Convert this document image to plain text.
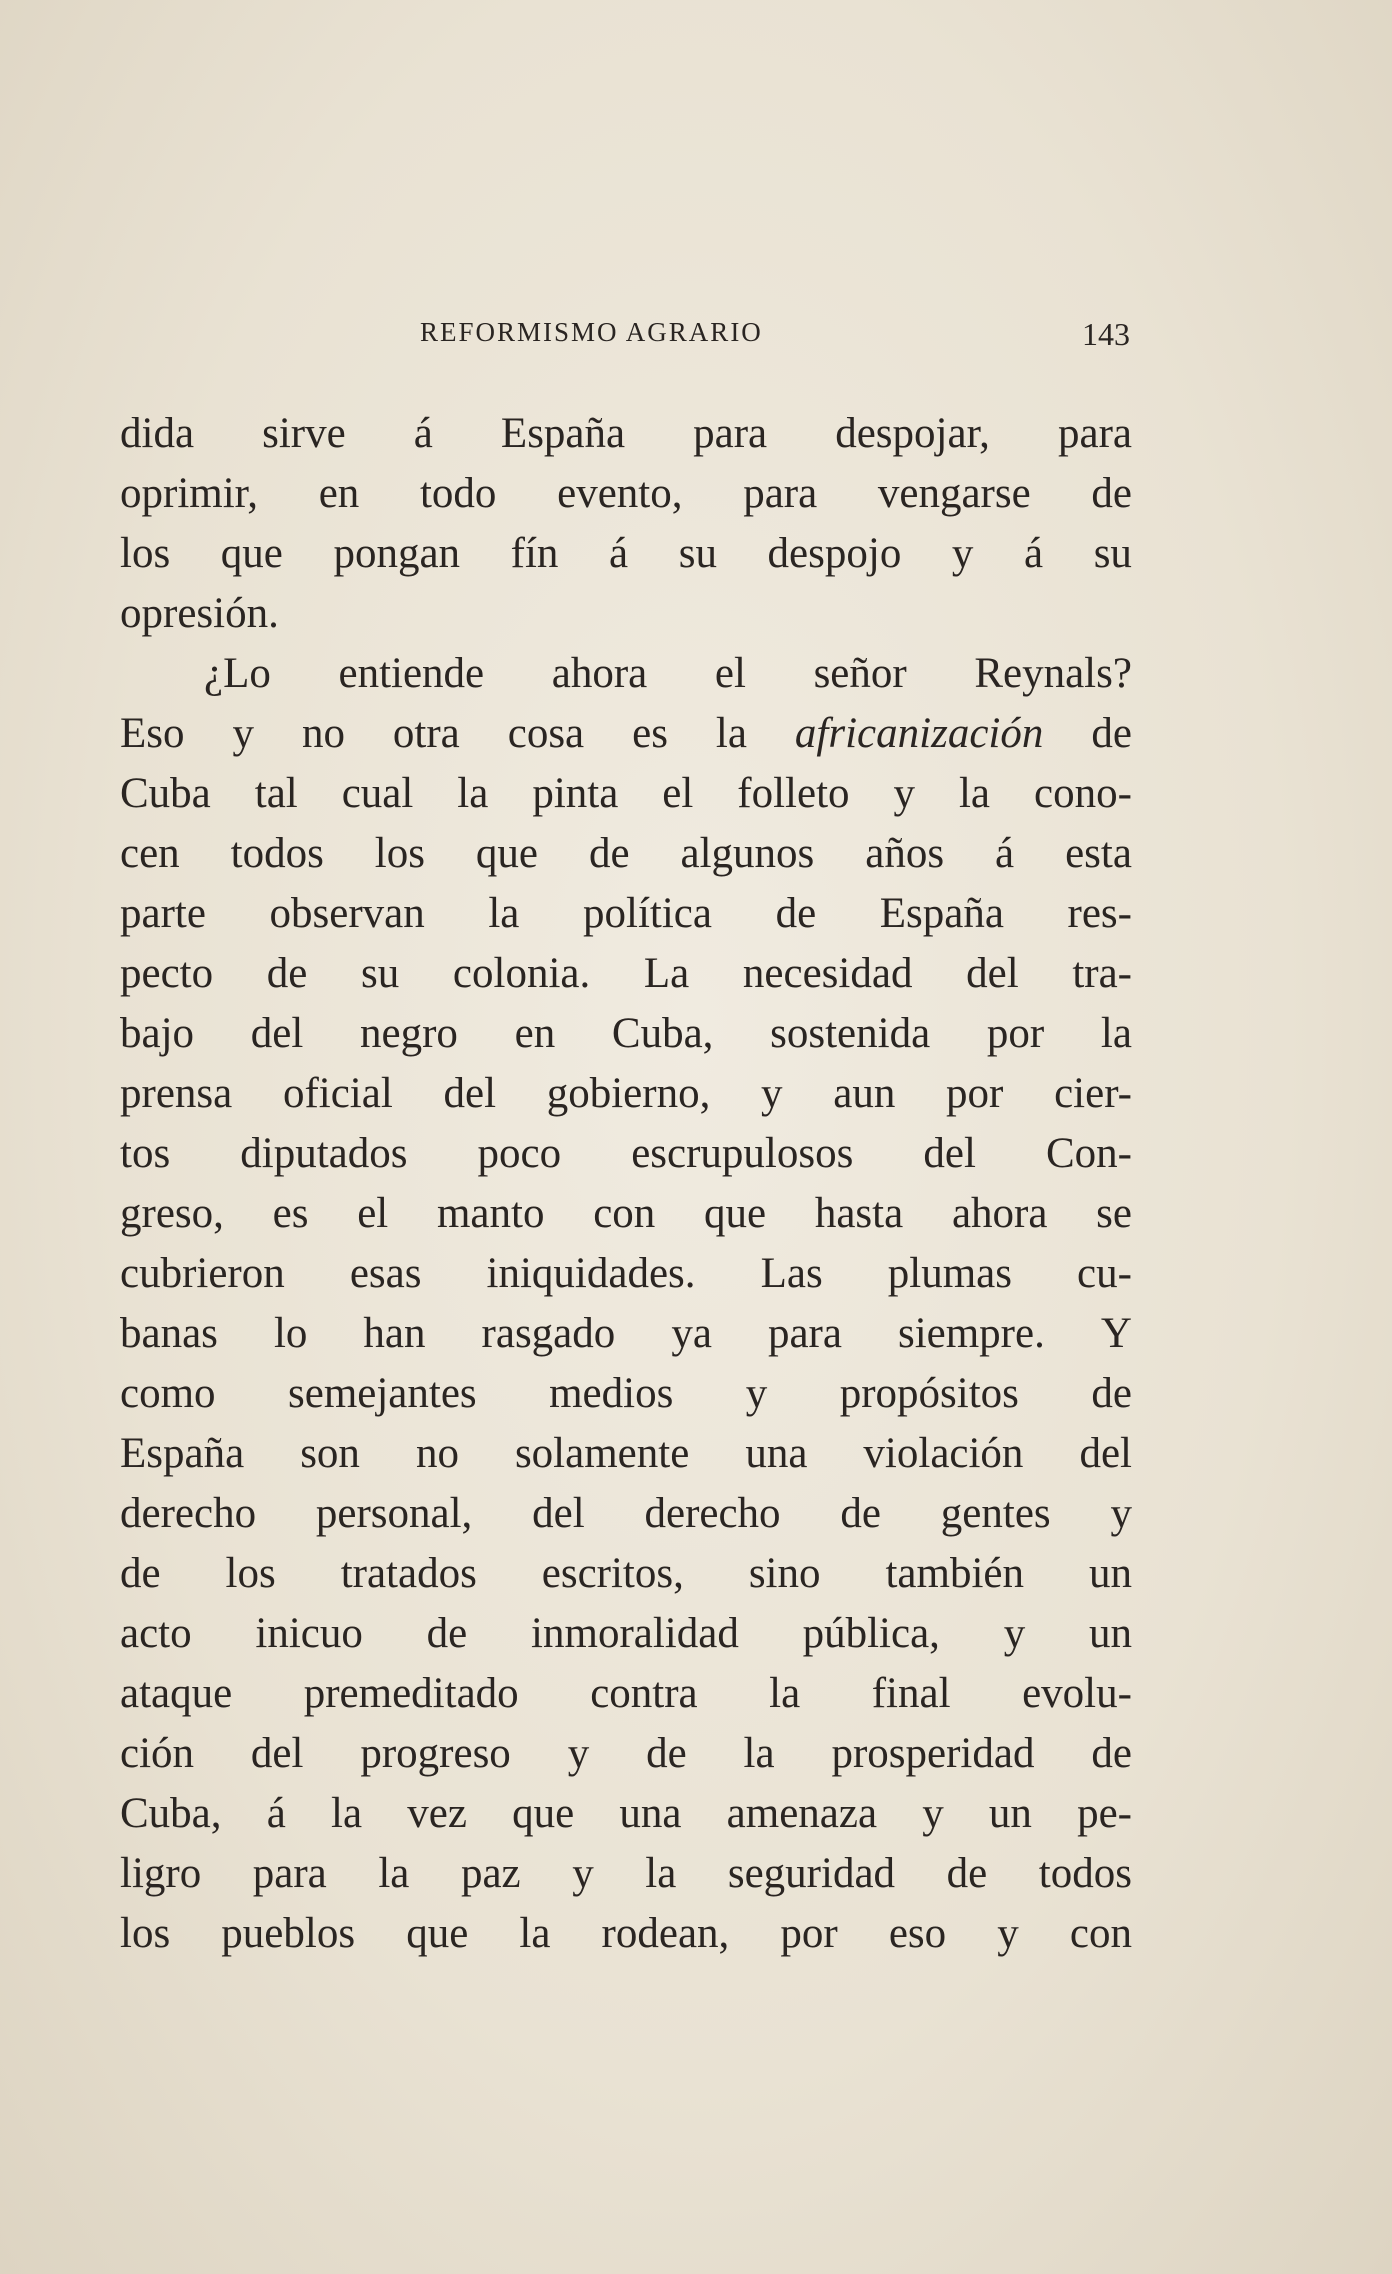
REFORMISMO AGRARIO	143
dida sirve á España para despojar, para
oprimir, en todo evento, para vengarse de
los que pongan fín á su despojo y á su
opresión.
¿Lo entiende ahora el señor Reynals?
Eso y no otra cosa es la africanización de
Cuba tal cual la pinta el folleto y la cono-
cen todos los que de algunos años á esta
parte observan la política de España res-
pecto de su colonia. La necesidad del tra-
bajo del negro en Cuba, sostenida por la
prensa oficial del gobierno, y aun por cier-
tos diputados poco escrupulosos del Con-
greso, es el manto con que hasta ahora se
cubrieron esas iniquidades. Las plumas cu-
banas lo han rasgado ya para siempre. Y
como semejantes medios y propósitos de
España son no solamente una violación del
derecho personal, del derecho de gentes y
de los tratados escritos, sino también un
acto inicuo de inmoralidad pública, y un
ataque premeditado contra la final evolu-
ción del progreso y de la prosperidad de
Cuba, á la vez que una amenaza y un pe-
ligro para la paz y la seguridad de todos
los pueblos que la rodean, por eso y con
